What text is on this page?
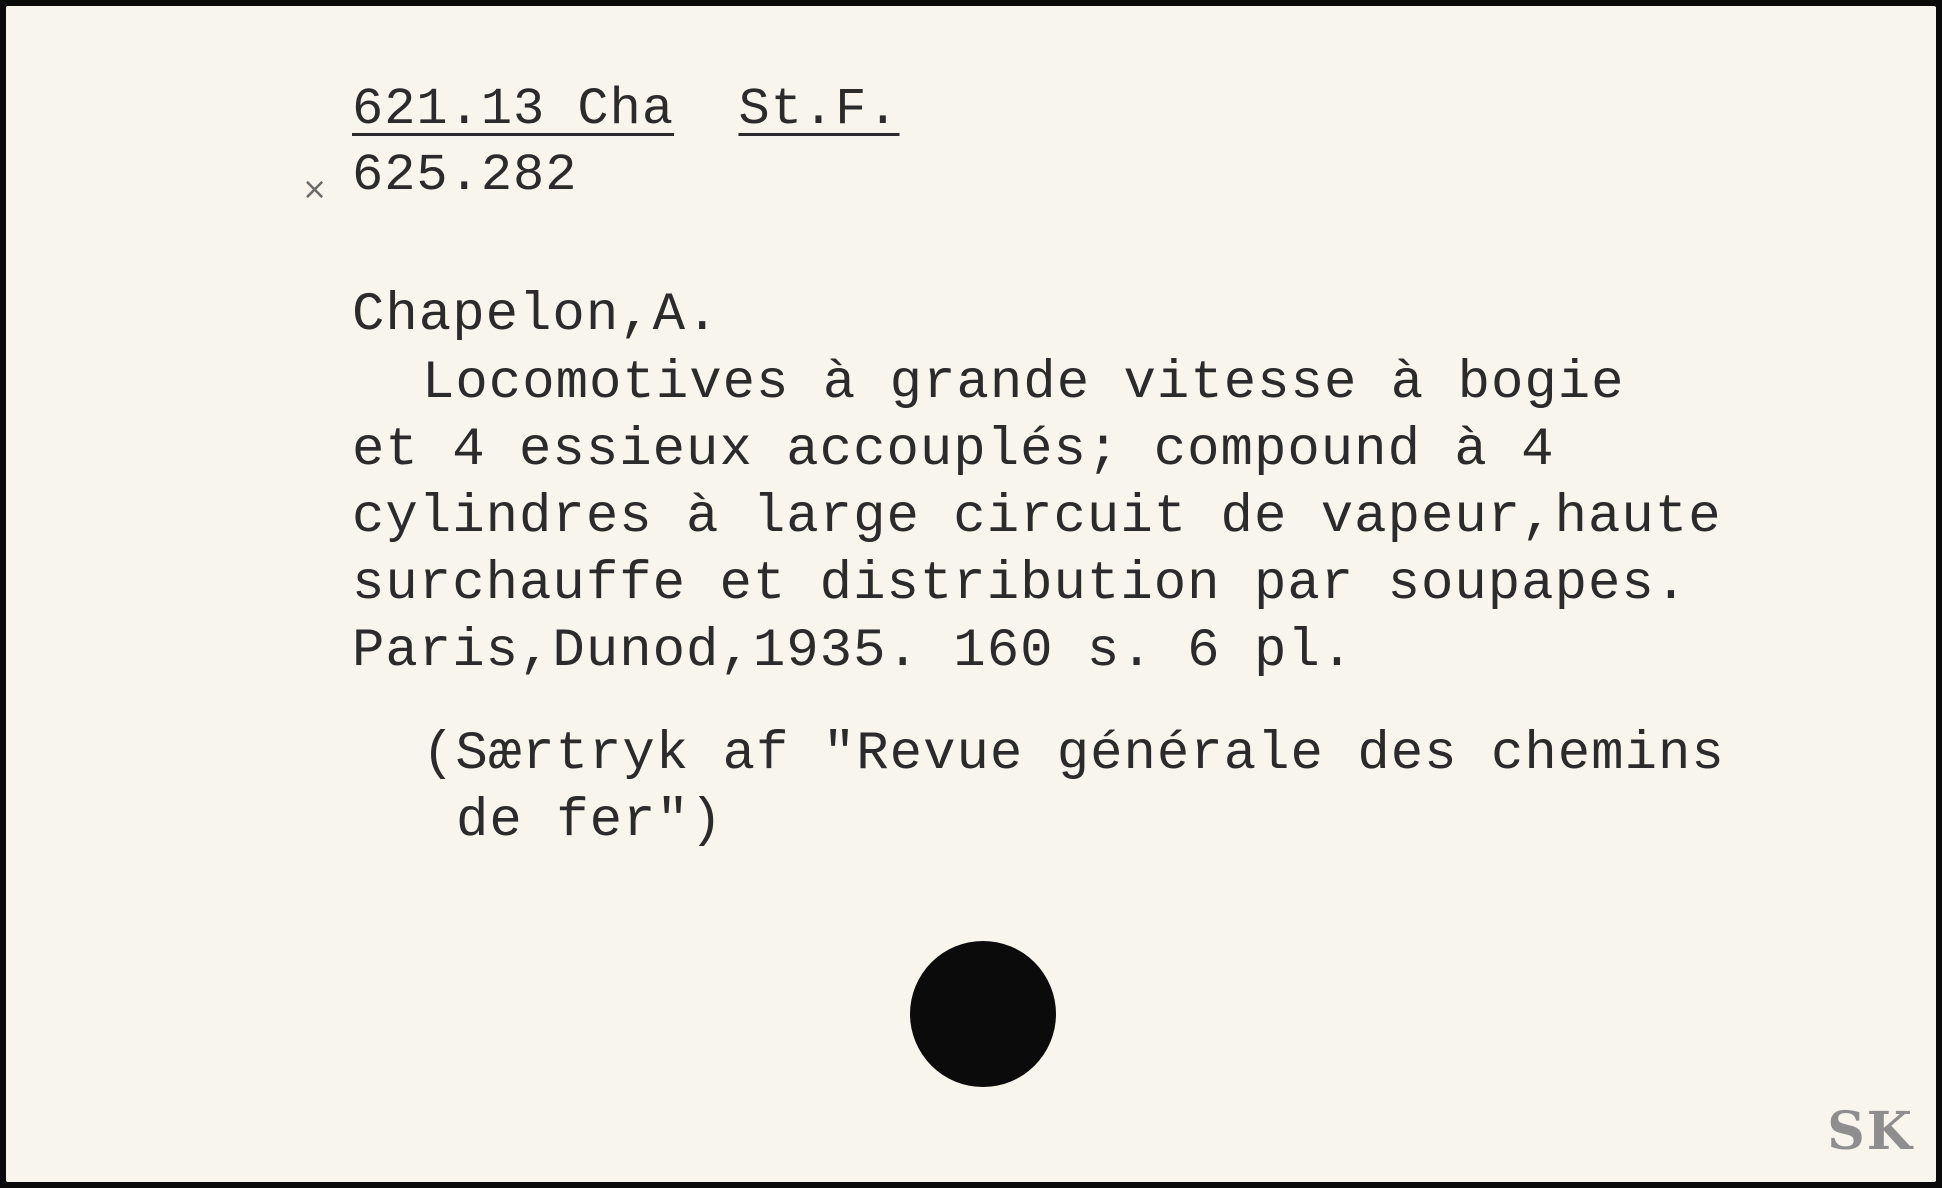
621.13 Cha St.F.
× 625.282
Chapelon,A.
Locomotives à grande vitesse à bogie
et 4 essieux accouplés; compound à 4
cylindres à large circuit de vapeur,haute
surchauffe et distribution par soupapes.
Paris,Dunod,1935. 160 s. 6 pl.
(Særtryk af "Revue générale des chemins
de fer")
SK
